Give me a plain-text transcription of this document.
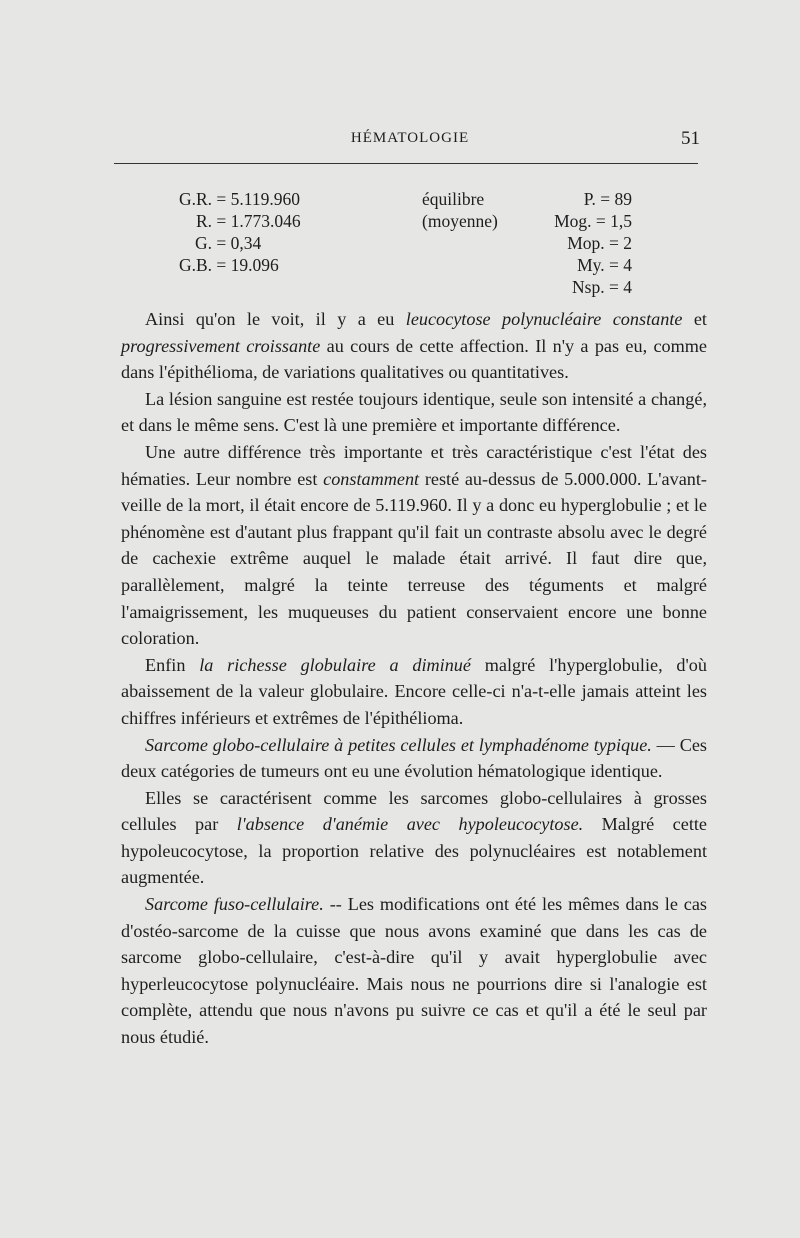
HÉMATOLOGIE	51
G.R. = 5.119.960
R. = 1.773.046
G. = 0,34
G.B. = 19.096
équilibre
(moyenne)
P. = 89
Mog. = 1,5
Mop. = 2
My. = 4
Nsp. = 4

Ainsi qu'on le voit, il y a eu leucocytose polynucléaire constante et progressivement croissante au cours de cette affection. Il n'y a pas eu, comme dans l'épithélioma, de variations qualitatives ou quantitatives.

La lésion sanguine est restée toujours identique, seule son intensité a changé, et dans le même sens. C'est là une première et importante différence.

Une autre différence très importante et très caractéristique c'est l'état des hématies. Leur nombre est constamment resté au-dessus de 5.000.000. L'avant-veille de la mort, il était encore de 5.119.960. Il y a donc eu hyperglobulie ; et le phénomène est d'autant plus frappant qu'il fait un contraste absolu avec le degré de cachexie extrême auquel le malade était arrivé. Il faut dire que, parallèlement, malgré la teinte terreuse des téguments et malgré l'amaigrissement, les muqueuses du patient conservaient encore une bonne coloration.

Enfin la richesse globulaire a diminué malgré l'hyperglobulie, d'où abaissement de la valeur globulaire. Encore celle-ci n'a-t-elle jamais atteint les chiffres inférieurs et extrêmes de l'épithélioma.

Sarcome globo-cellulaire à petites cellules et lymphadénome typique. — Ces deux catégories de tumeurs ont eu une évolution hématologique identique.

Elles se caractérisent comme les sarcomes globo-cellulaires à grosses cellules par l'absence d'anémie avec hypoleucocytose. Malgré cette hypoleucocytose, la proportion relative des polynucléaires est notablement augmentée.

Sarcome fuso-cellulaire. -- Les modifications ont été les mêmes dans le cas d'ostéo-sarcome de la cuisse que nous avons examiné que dans les cas de sarcome globo-cellulaire, c'est-à-dire qu'il y avait hyperglobulie avec hyperleucocytose polynucléaire. Mais nous ne pourrions dire si l'analogie est complète, attendu que nous n'avons pu suivre ce cas et qu'il a été le seul par nous étudié.
